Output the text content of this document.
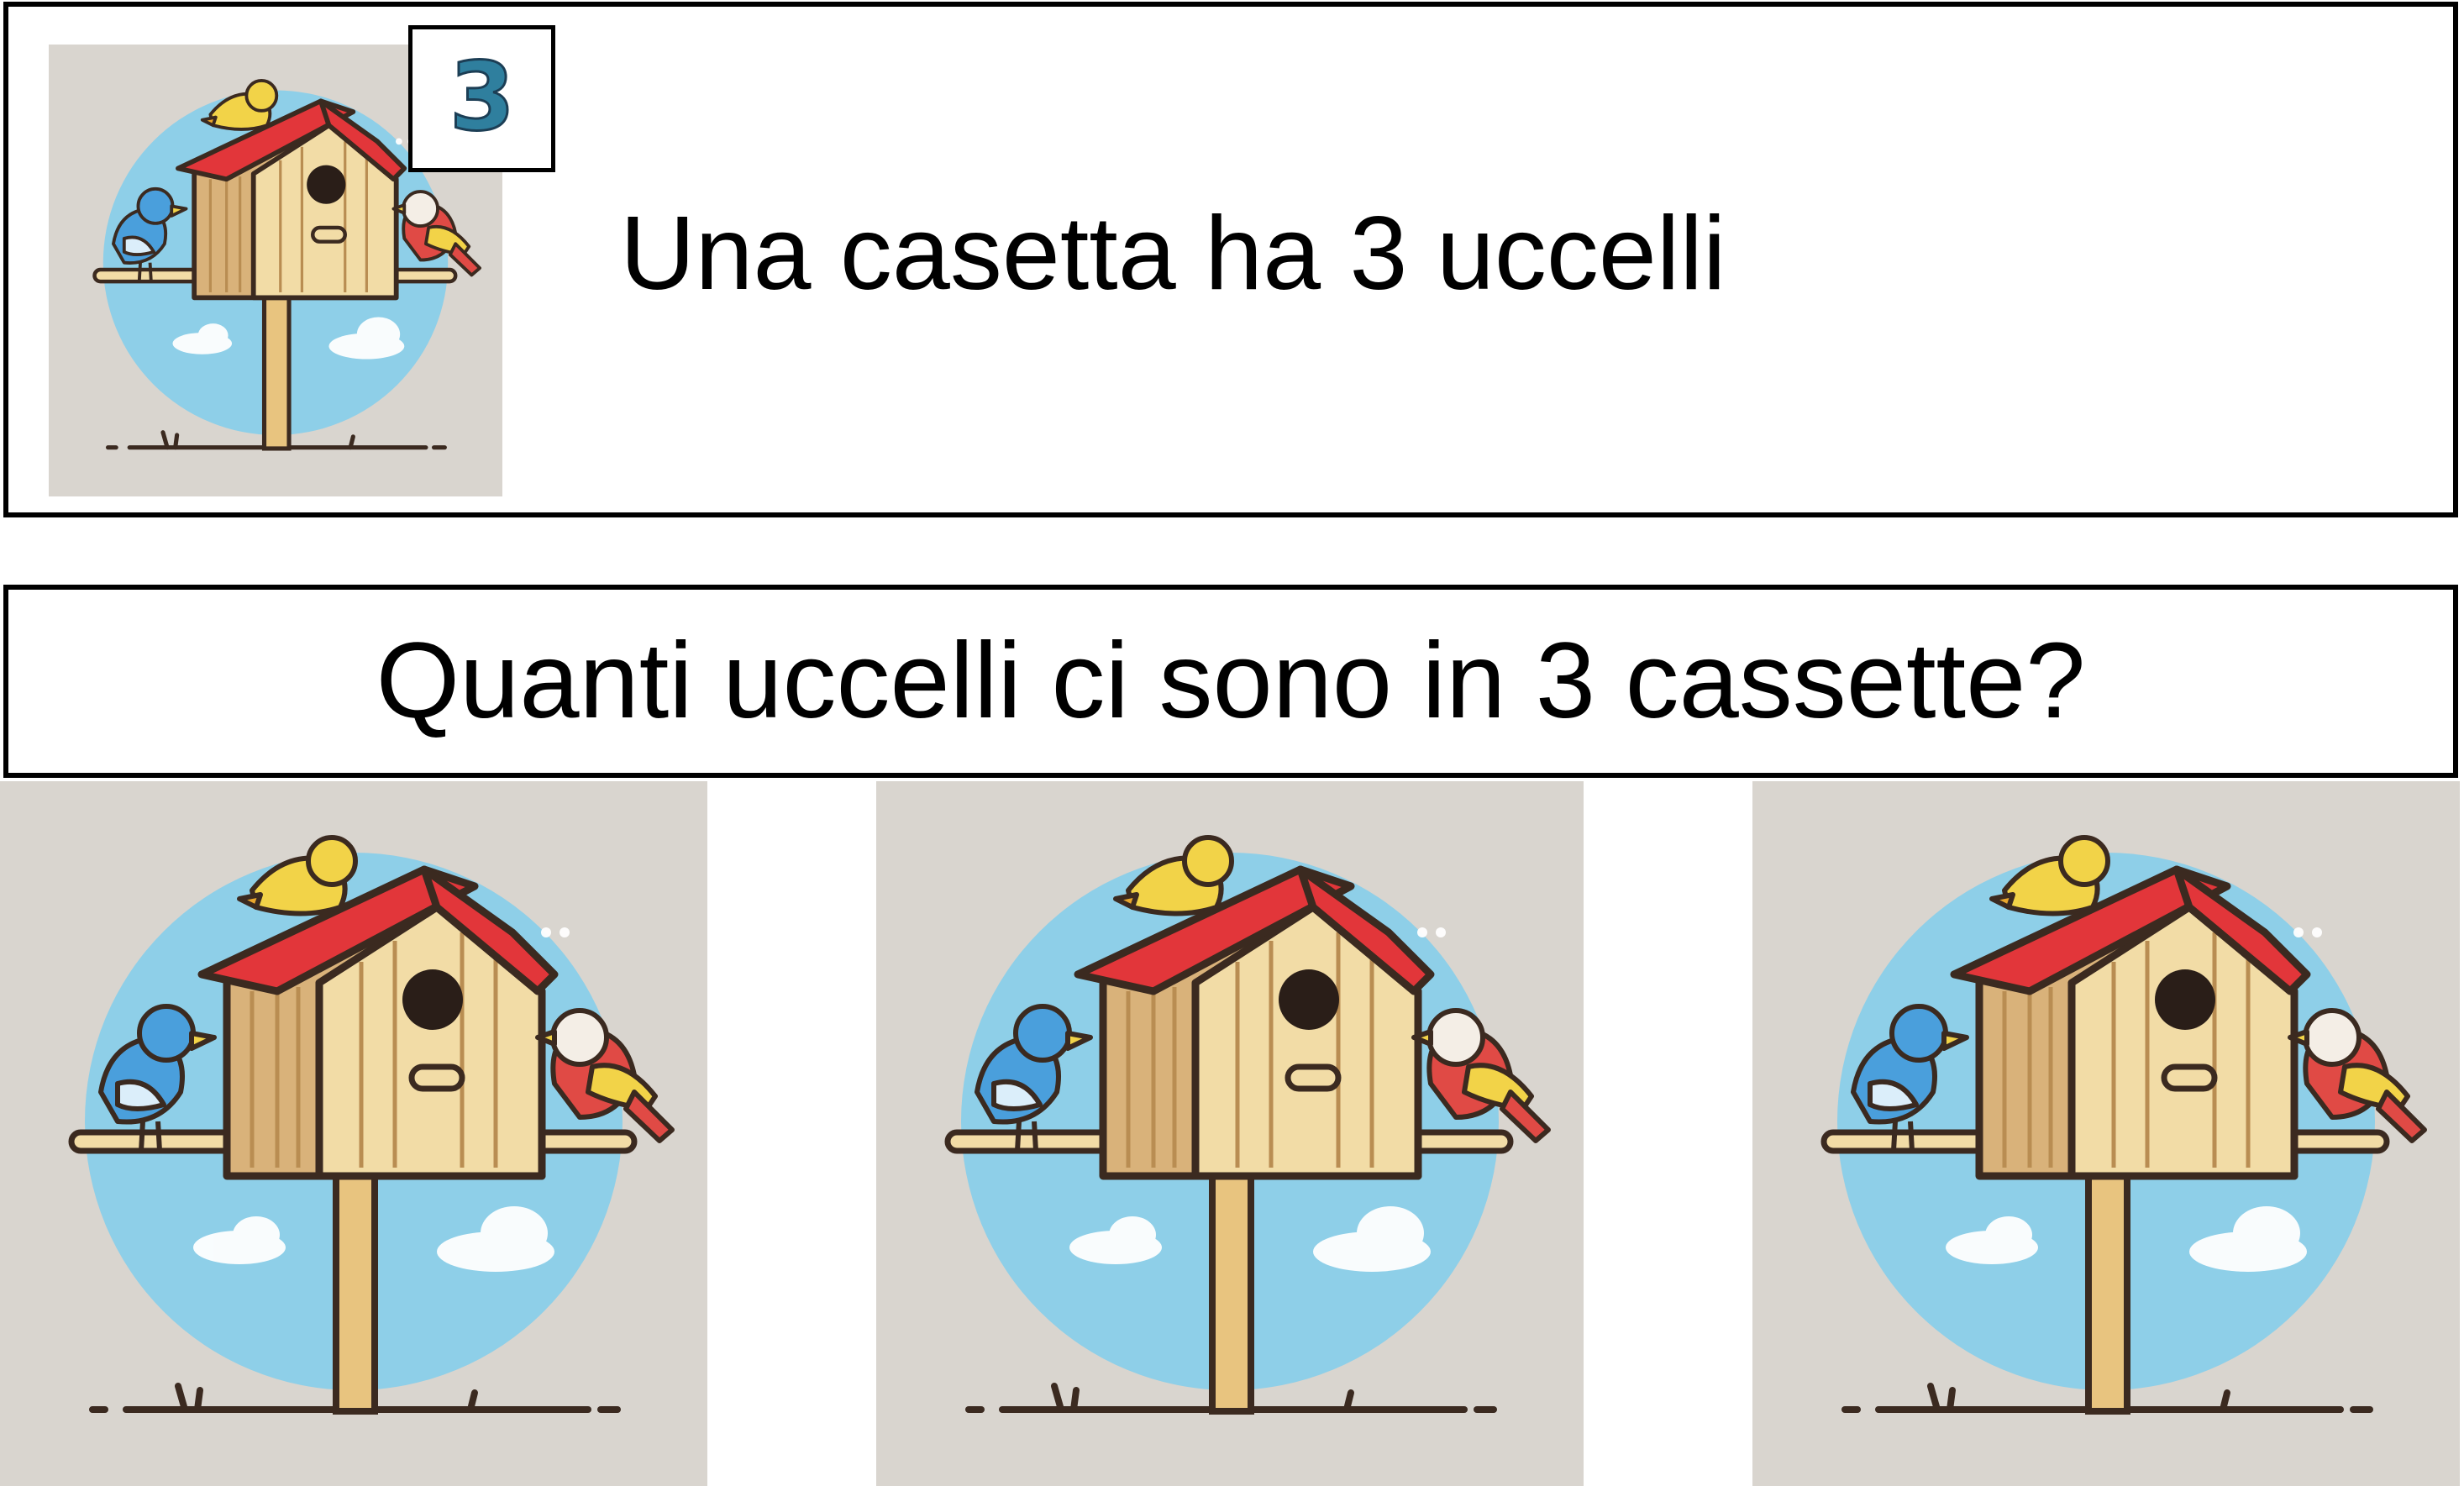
3
Una casetta ha 3 uccelli
Quanti uccelli ci sono in 3 cassette?
